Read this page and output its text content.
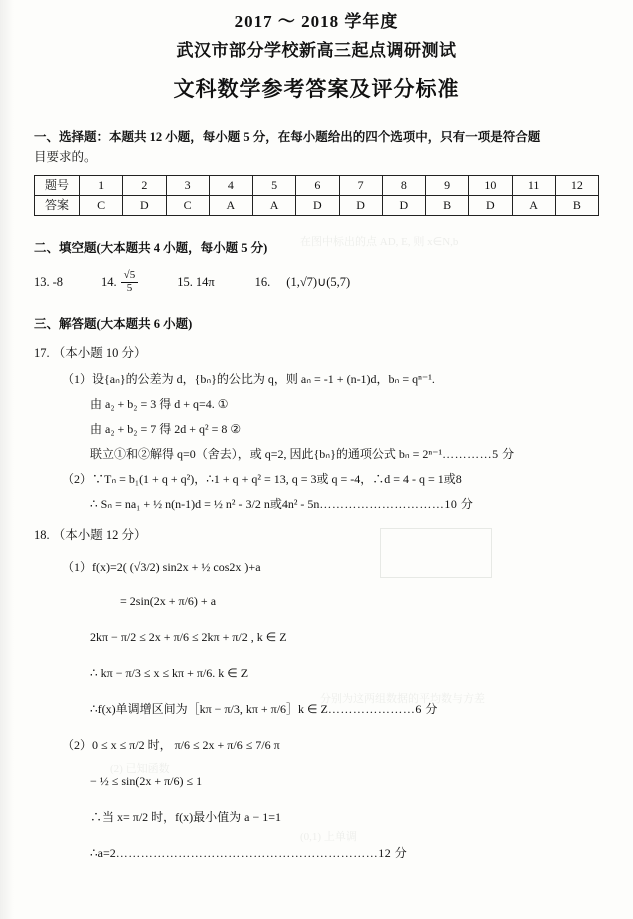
在图中标出的点 AD, E, 则 x∈N,b
分别为这两组数据的平均数与方差
(2) 已知函数
(0,1) 上单调
2017 ～ 2018 学年度
武汉市部分学校新高三起点调研测试
文科数学参考答案及评分标准
一、选择题：本题共 12 小题，每小题 5 分，在每小题给出的四个选项中，只有一项是符合题
目要求的。
题号	1	2	3	4	5	6	7	8	9	10	11	12
答案	C	D	C	A	A	D	D	D	B	D	A	B
二、填空题(大本题共 4 小题，每小题 5 分)
13. -8	14. $\frac{√5}{5}$	15. 14π	16. (1,√7)∪(5,7)
三、解答题(大本题共 6 小题)
17. （本小题 10 分）
（1）设{aₙ}的公差为 d，{bₙ}的公比为 q，则 aₙ = -1 + (n-1)d，bₙ = qⁿ⁻¹.
由 a₂ + b₂ = 3 得 d + q=4. ①
由 a₂ + b₂ = 7 得 2d + q² = 8 ②
联立①和②解得 q=0（舍去），或 q=2, 因此{bₙ}的通项公式 bₙ = 2ⁿ⁻¹…………5 分
（2）∵Tₙ = b₁(1 + q + q²)，∴1 + q + q² = 13, q = 3或 q = -4，∴d = 4 - q = 1或8
∴ Sₙ = na₁ + ½ n(n-1)d = ½ n² - 3/2 n或4n² - 5n…………………………10 分
18. （本小题 12 分）
（1）f(x)=2( (√3/2) sin2x + ½ cos2x )+a
= 2sin(2x + π/6) + a
2kπ − π/2 ≤ 2x + π/6 ≤ 2kπ + π/2 , k ∈ Z
∴ kπ − π/3 ≤ x ≤ kπ + π/6. k ∈ Z
∴f(x)单调增区间为［kπ − π/3, kπ + π/6］k ∈ Z…………………6 分
（2）0 ≤ x ≤ π/2 时， π/6 ≤ 2x + π/6 ≤ 7/6 π
− ½ ≤ sin(2x + π/6) ≤ 1
∴当 x= π/2 时，f(x)最小值为 a − 1=1
∴a=2………………………………………………………12 分
